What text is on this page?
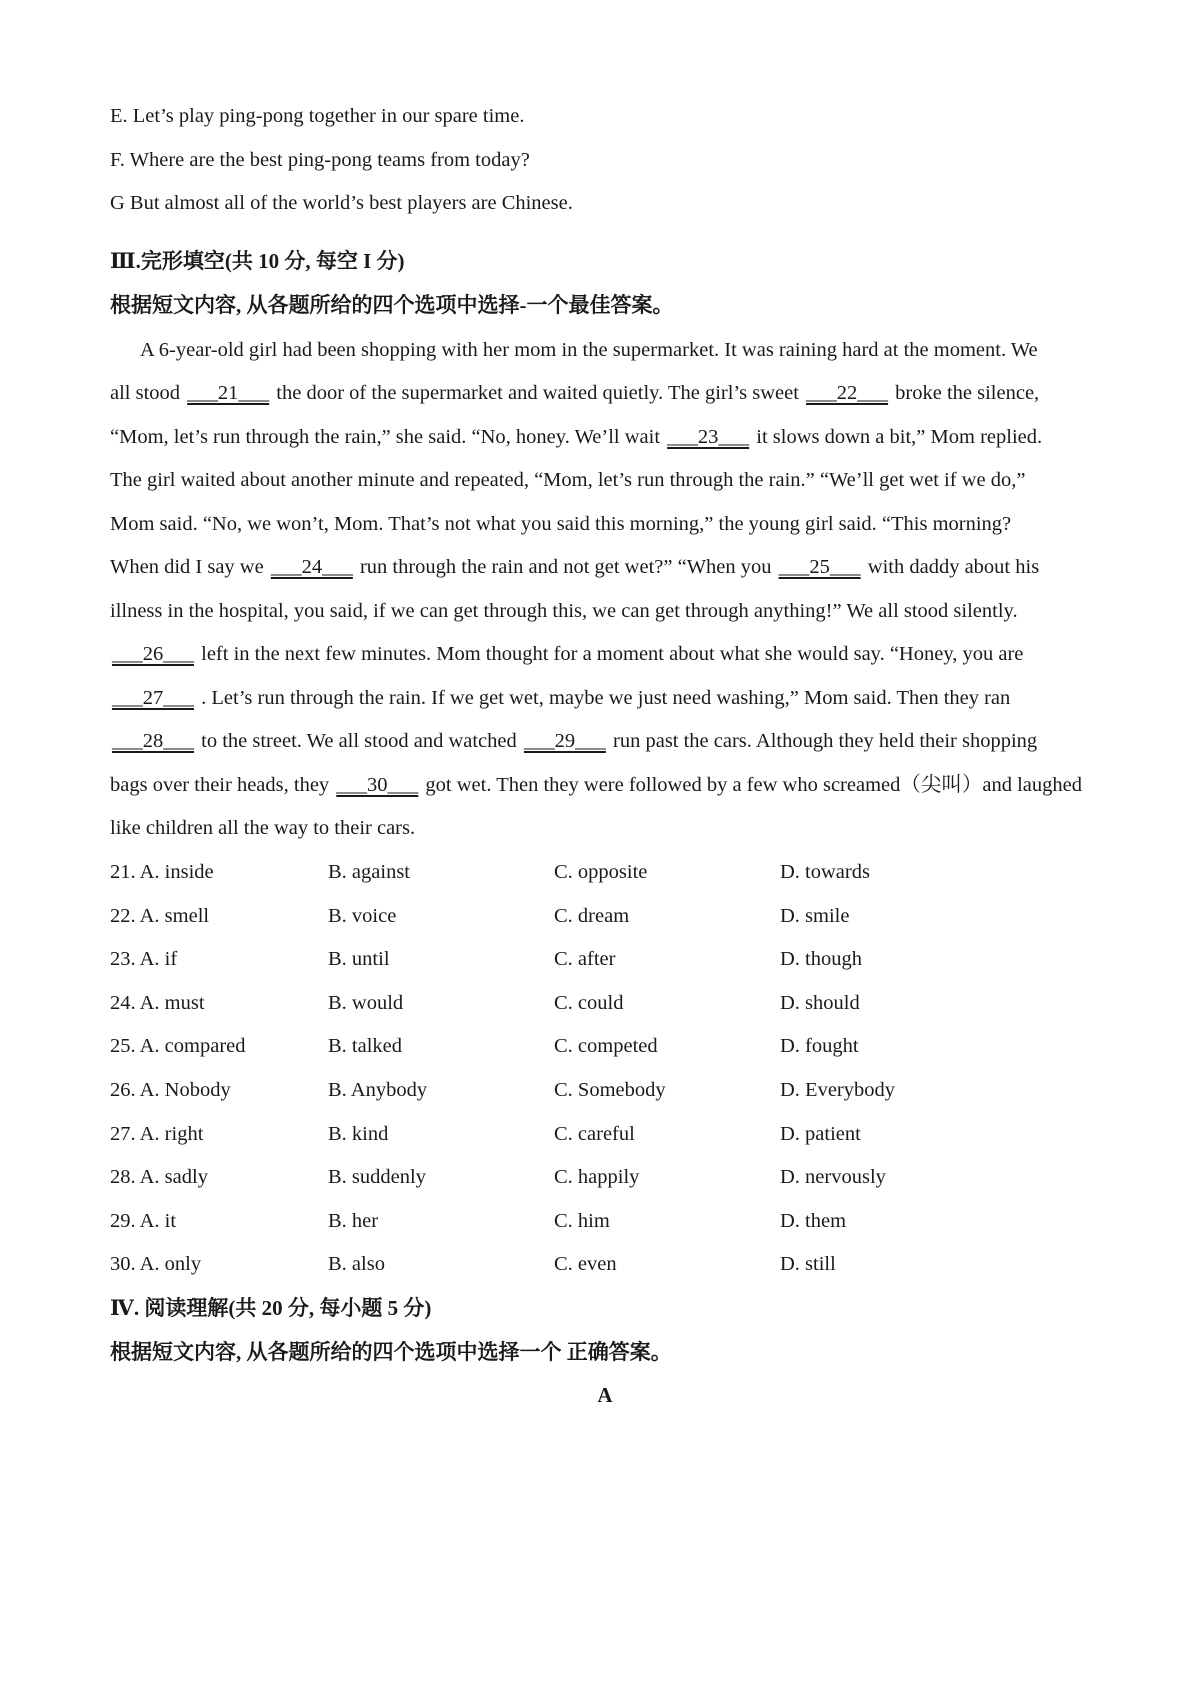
E. Let’s play ping-pong together in our spare time.
F. Where are the best ping-pong teams from today?
G But almost all of the world’s best players are Chinese.
Ⅲ.完形填空(共 10 分, 每空 I 分)
根据短文内容, 从各题所给的四个选项中选择-一个最佳答案。
A 6-year-old girl had been shopping with her mom in the supermarket. It was raining hard at the moment. We
all stood ___21___ the door of the supermarket and waited quietly. The girl’s sweet ___22___ broke the silence,
“Mom, let’s run through the rain,” she said. “No, honey. We’ll wait ___23___ it slows down a bit,” Mom replied.
The girl waited about another minute and repeated, “Mom, let’s run through the rain.” “We’ll get wet if we do,”
Mom said. “No, we won’t, Mom. That’s not what you said this morning,” the young girl said. “This morning?
When did I say we ___24___ run through the rain and not get wet?” “When you ___25___ with daddy about his
illness in the hospital, you said, if we can get through this, we can get through anything!” We all stood silently.
___26___ left in the next few minutes. Mom thought for a moment about what she would say. “Honey, you are
___27___ . Let’s run through the rain. If we get wet, maybe we just need washing,” Mom said. Then they ran
___28___ to the street. We all stood and watched ___29___ run past the cars. Although they held their shopping
bags over their heads, they ___30___ got wet. Then they were followed by a few who screamed（尖叫）and laughed
like children all the way to their cars.
21. A. inside	B. against	C. opposite	D. towards
22. A. smell	B. voice	C. dream	D. smile
23. A. if	B. until	C. after	D. though
24. A. must	B. would	C. could	D. should
25. A. compared	B. talked	C. competed	D. fought
26. A. Nobody	B. Anybody	C. Somebody	D. Everybody
27. A. right	B. kind	C. careful	D. patient
28. A. sadly	B. suddenly	C. happily	D. nervously
29. A. it	B. her	C. him	D. them
30. A. only	B. also	C. even	D. still
Ⅳ. 阅读理解(共 20 分, 每小题 5 分)
根据短文内容, 从各题所给的四个选项中选择一个 正确答案。
A
